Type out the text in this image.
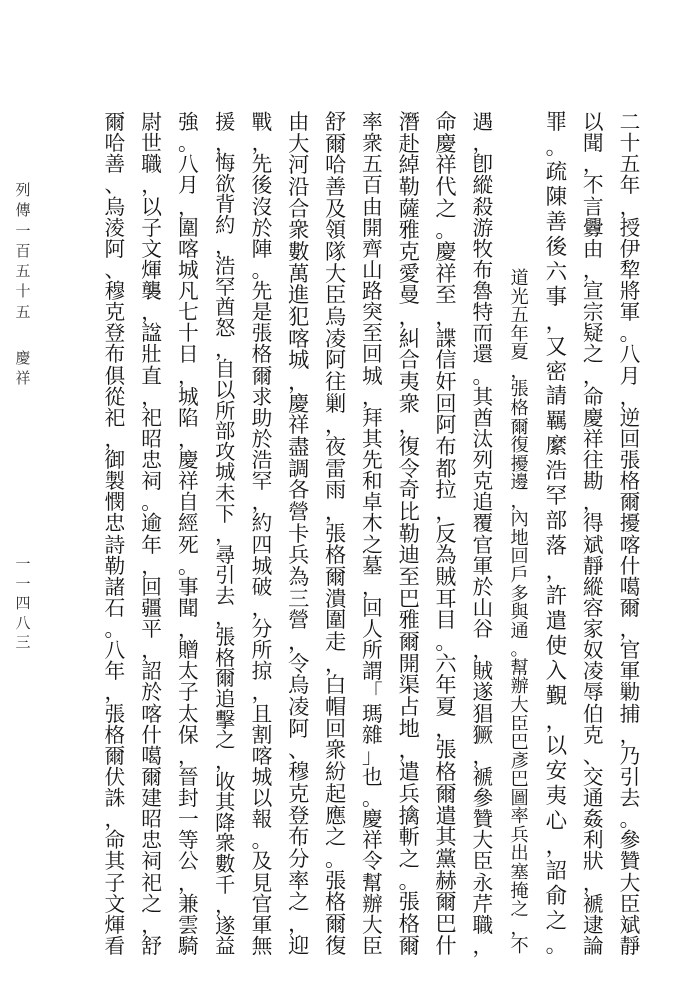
二
十
五
年
，
授
伊
犂
將
軍
。
八
月
，
逆
回
張
格
爾
擾
喀
什
噶
爾
，
官
軍
勦
捕
，
乃
引
去
。
參
贊
大
臣
斌
靜
以
聞
，
不
言
釁
由
，
宣
宗
疑
之
，
命
慶
祥
往
勘
，
得
斌
靜
縱
容
家
奴
凌
辱
伯
克
、
交
通
姦
利
狀
，
褫
逮
論
罪
。
疏
陳
善
後
六
事
，
又
密
請
羈
縻
浩
罕
部
落
，
許
遣
使
入
覲
，
以
安
夷
心
，
詔
俞
之
。
道
光
五
年
夏
，
張
格
爾
復
擾
邊
，
內
地
回
戶
多
與
通
。
幫
辦
大
臣
巴
彥
巴
圖
率
兵
出
塞
掩
之
，
不
遇
，
卽
縱
殺
游
牧
布
魯
特
而
還
。
其
酋
汰
列
克
追
覆
官
軍
於
山
谷
，
賊
遂
猖
獗
，
褫
參
贊
大
臣
永
芹
職
，
命
慶
祥
代
之
。
慶
祥
至
，
諜
信
奸
回
阿
布
都
拉
，
反
為
賊
耳
目
。
六
年
夏
，
張
格
爾
遣
其
黨
赫
爾
巴
什
潛
赴
綽
勒
薩
雅
克
愛
曼
，
糾
合
夷
衆
，
復
令
奇
比
勒
迪
至
巴
雅
爾
開
渠
占
地
，
遣
兵
擒
斬
之
。
張
格
爾
率
衆
五
百
由
開
齊
山
路
突
至
回
城
，
拜
其
先
和
卓
木
之
墓
，
回
人
所
謂
「
瑪
雜
」
也
。
慶
祥
令
幫
辦
大
臣
舒
爾
哈
善
及
領
隊
大
臣
烏
凌
阿
往
剿
，
夜
雷
雨
，
張
格
爾
潰
圍
走
，
白
帽
回
衆
紛
起
應
之
。
張
格
爾
復
由
大
河
沿
合
衆
數
萬
進
犯
喀
城
，
慶
祥
盡
調
各
營
卡
兵
為
三
營
，
令
烏
凌
阿
、
穆
克
登
布
分
率
之
，
迎
戰
，
先
後
沒
於
陣
。
先
是
張
格
爾
求
助
於
浩
罕
，
約
四
城
破
，
分
所
掠
，
且
割
喀
城
以
報
。
及
見
官
軍
無
援
，
悔
欲
背
約
，
浩
罕
酋
怒
，
自
以
所
部
攻
城
未
下
，
尋
引
去
，
張
格
爾
追
擊
之
，
收
其
降
衆
數
千
，
遂
益
強
。
八
月
，
圍
喀
城
凡
七
十
日
，
城
陷
，
慶
祥
自
經
死
。
事
聞
，
贈
太
子
太
保
，
晉
封
一
等
公
，
兼
雲
騎
尉
世
職
，
以
子
文
煇
襲
，
諡
壯
直
，
祀
昭
忠
祠
。
逾
年
，
回
疆
平
，
詔
於
喀
什
噶
爾
建
昭
忠
祠
祀
之
，
舒
爾
哈
善
、
烏
淩
阿
、
穆
克
登
布
俱
從
祀
，
御
製
憫
忠
詩
勒
諸
石
。
八
年
，
張
格
爾
伏
誅
，
命
其
子
文
煇
看
列
傳
一
百
五
十
五
慶
祥
一
一
四
八
三
